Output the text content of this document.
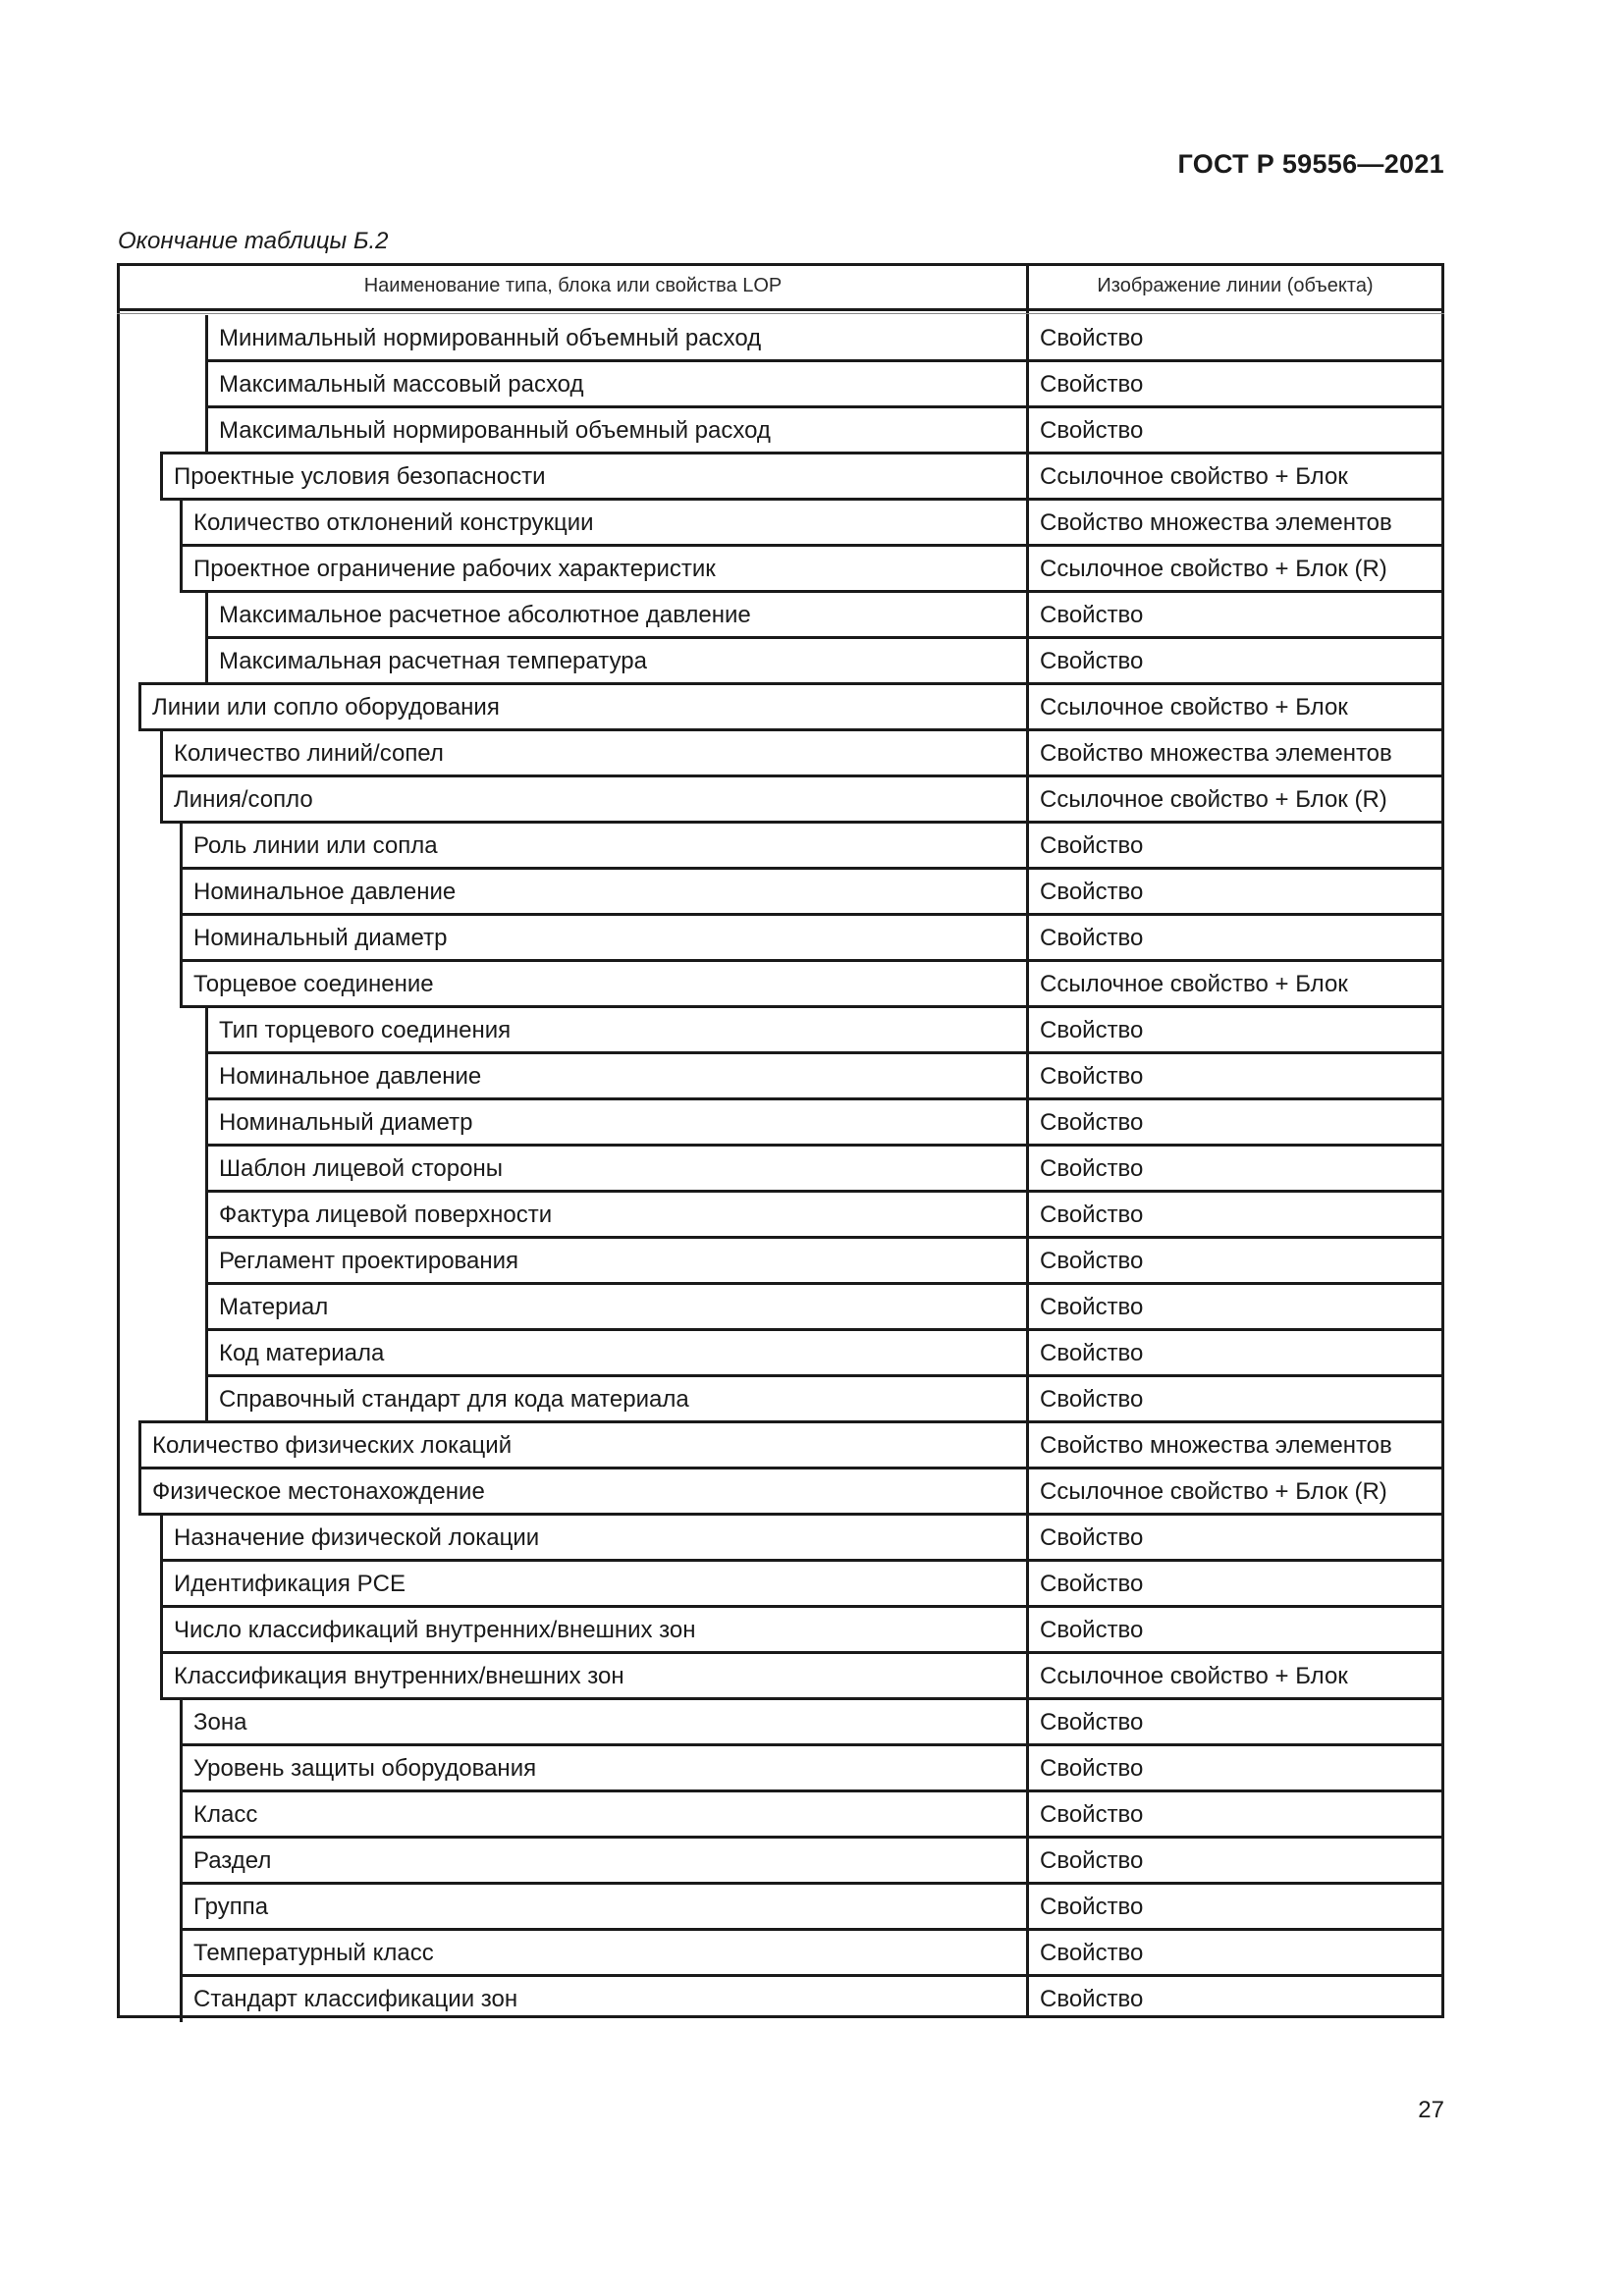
ГОСТ Р 59556—2021
Окончание таблицы Б.2
Наименование типа, блока или свойства LOP	Изображение линии (объекта)
Минимальный нормированный объемный расход	Свойство
Максимальный массовый расход	Свойство
Максимальный нормированный объемный расход	Свойство
Проектные условия безопасности	Ссылочное свойство + Блок
Количество отклонений конструкции	Свойство множества элементов
Проектное ограничение рабочих характеристик	Ссылочное свойство + Блок (R)
Максимальное расчетное абсолютное давление	Свойство
Максимальная расчетная температура	Свойство
Линии или сопло оборудования	Ссылочное свойство + Блок
Количество линий/сопел	Свойство множества элементов
Линия/сопло	Ссылочное свойство + Блок (R)
Роль линии или сопла	Свойство
Номинальное давление	Свойство
Номинальный диаметр	Свойство
Торцевое соединение	Ссылочное свойство + Блок
Тип торцевого соединения	Свойство
Номинальное давление	Свойство
Номинальный диаметр	Свойство
Шаблон лицевой стороны	Свойство
Фактура лицевой поверхности	Свойство
Регламент проектирования	Свойство
Материал	Свойство
Код материала	Свойство
Справочный стандарт для кода материала	Свойство
Количество физических локаций	Свойство множества элементов
Физическое местонахождение	Ссылочное свойство + Блок (R)
Назначение физической локации	Свойство
Идентификация PCE	Свойство
Число классификаций внутренних/внешних зон	Свойство
Классификация внутренних/внешних зон	Ссылочное свойство + Блок
Зона	Свойство
Уровень защиты оборудования	Свойство
Класс	Свойство
Раздел	Свойство
Группа	Свойство
Температурный класс	Свойство
Стандарт классификации зон	Свойство
27
